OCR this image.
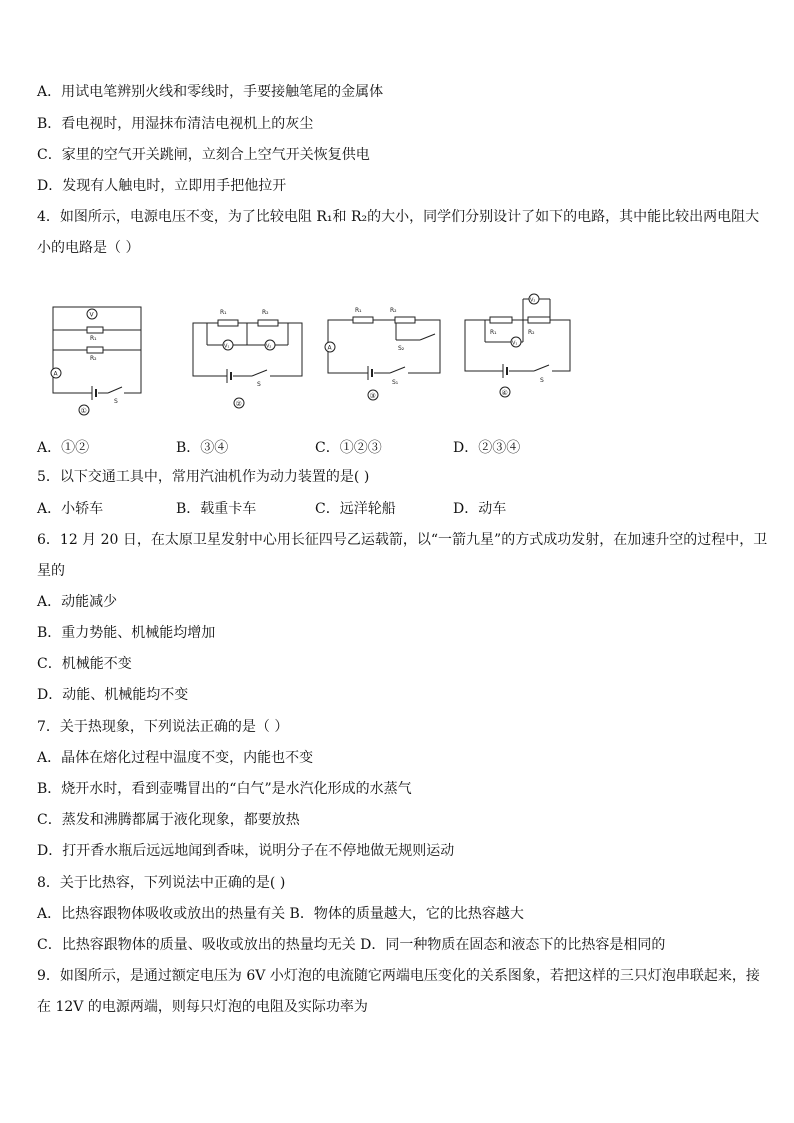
A．用试电笔辨别火线和零线时，手要接触笔尾的金属体
B．看电视时，用湿抹布清洁电视机上的灰尘
C．家里的空气开关跳闸，立刻合上空气开关恢复供电
D．发现有人触电时，立即用手把他拉开
4．如图所示，电源电压不变，为了比较电阻 R₁和 R₂的大小，同学们分别设计了如下的电路，其中能比较出两电阻大
小的电路是（ ）
V
R₁
R₂
A
S
①
R₁	R₂
V₁	V₂
S
②
R₁	R₂
A	S₂
S₁
③
V₂
R₁	R₂
V₁
S
④
A．①②	B．③④	C．①②③	D．②③④
5．以下交通工具中，常用汽油机作为动力装置的是( )
A．小轿车	B．载重卡车	C．远洋轮船	D．动车
6．12 月 20 日，在太原卫星发射中心用长征四号乙运载箭，以“一箭九星”的方式成功发射，在加速升空的过程中，卫
星的
A．动能减少
B．重力势能、机械能均增加
C．机械能不变
D．动能、机械能均不变
7．关于热现象，下列说法正确的是（ ）
A．晶体在熔化过程中温度不变，内能也不变
B．烧开水时，看到壶嘴冒出的“白气”是水汽化形成的水蒸气
C．蒸发和沸腾都属于液化现象，都要放热
D．打开香水瓶后远远地闻到香味，说明分子在不停地做无规则运动
8．关于比热容，下列说法中正确的是( )
A．比热容跟物体吸收或放出的热量有关 B．物体的质量越大，它的比热容越大
C．比热容跟物体的质量、吸收或放出的热量均无关 D．同一种物质在固态和液态下的比热容是相同的
9．如图所示，是通过额定电压为 6V 小灯泡的电流随它两端电压变化的关系图象，若把这样的三只灯泡串联起来，接
在 12V 的电源两端，则每只灯泡的电阻及实际功率为
